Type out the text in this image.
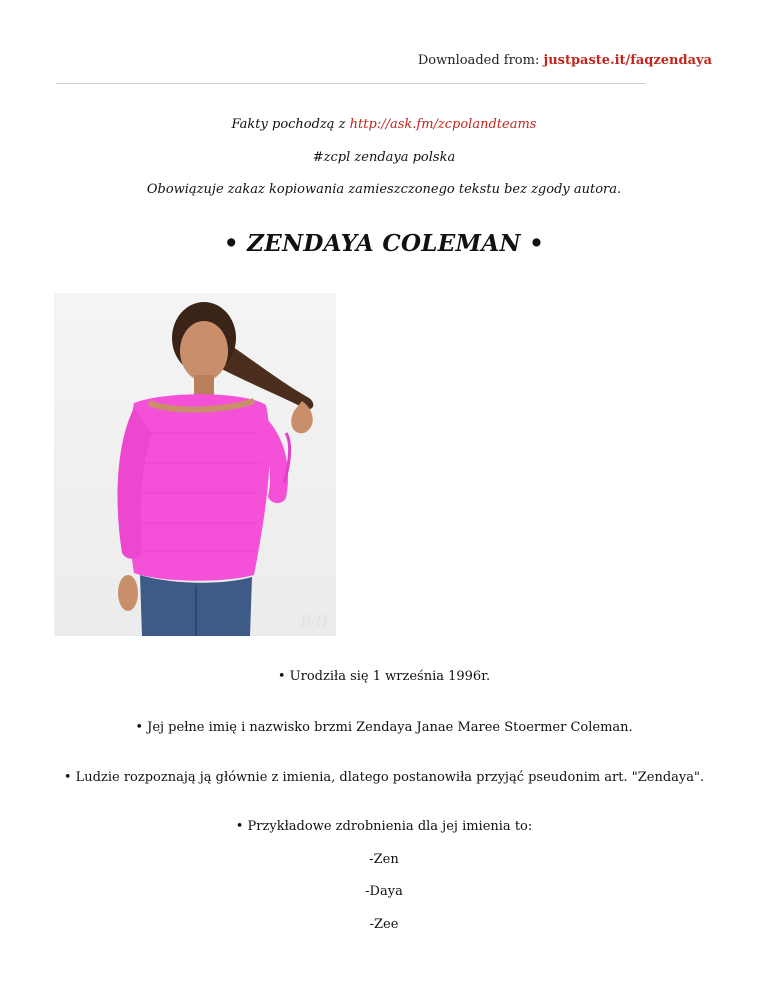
Downloaded from: justpaste.it/faqzendaya
Fakty pochodzą z http://ask.fm/zcpolandteams
#zcpl zendaya polska
Obowiązuje zakaz kopiowania zamieszczonego tekstu bez zgody autora.
• ZENDAYA COLEMAN •
B/H
• Urodziła się 1 września 1996r.
• Jej pełne imię i nazwisko brzmi Zendaya Janae Maree Stoermer Coleman.
• Ludzie rozpoznają ją głównie z imienia, dlatego postanowiła przyjąć pseudonim art. "Zendaya".
• Przykładowe zdrobnienia dla jej imienia to:
-Zen
-Daya
-Zee
